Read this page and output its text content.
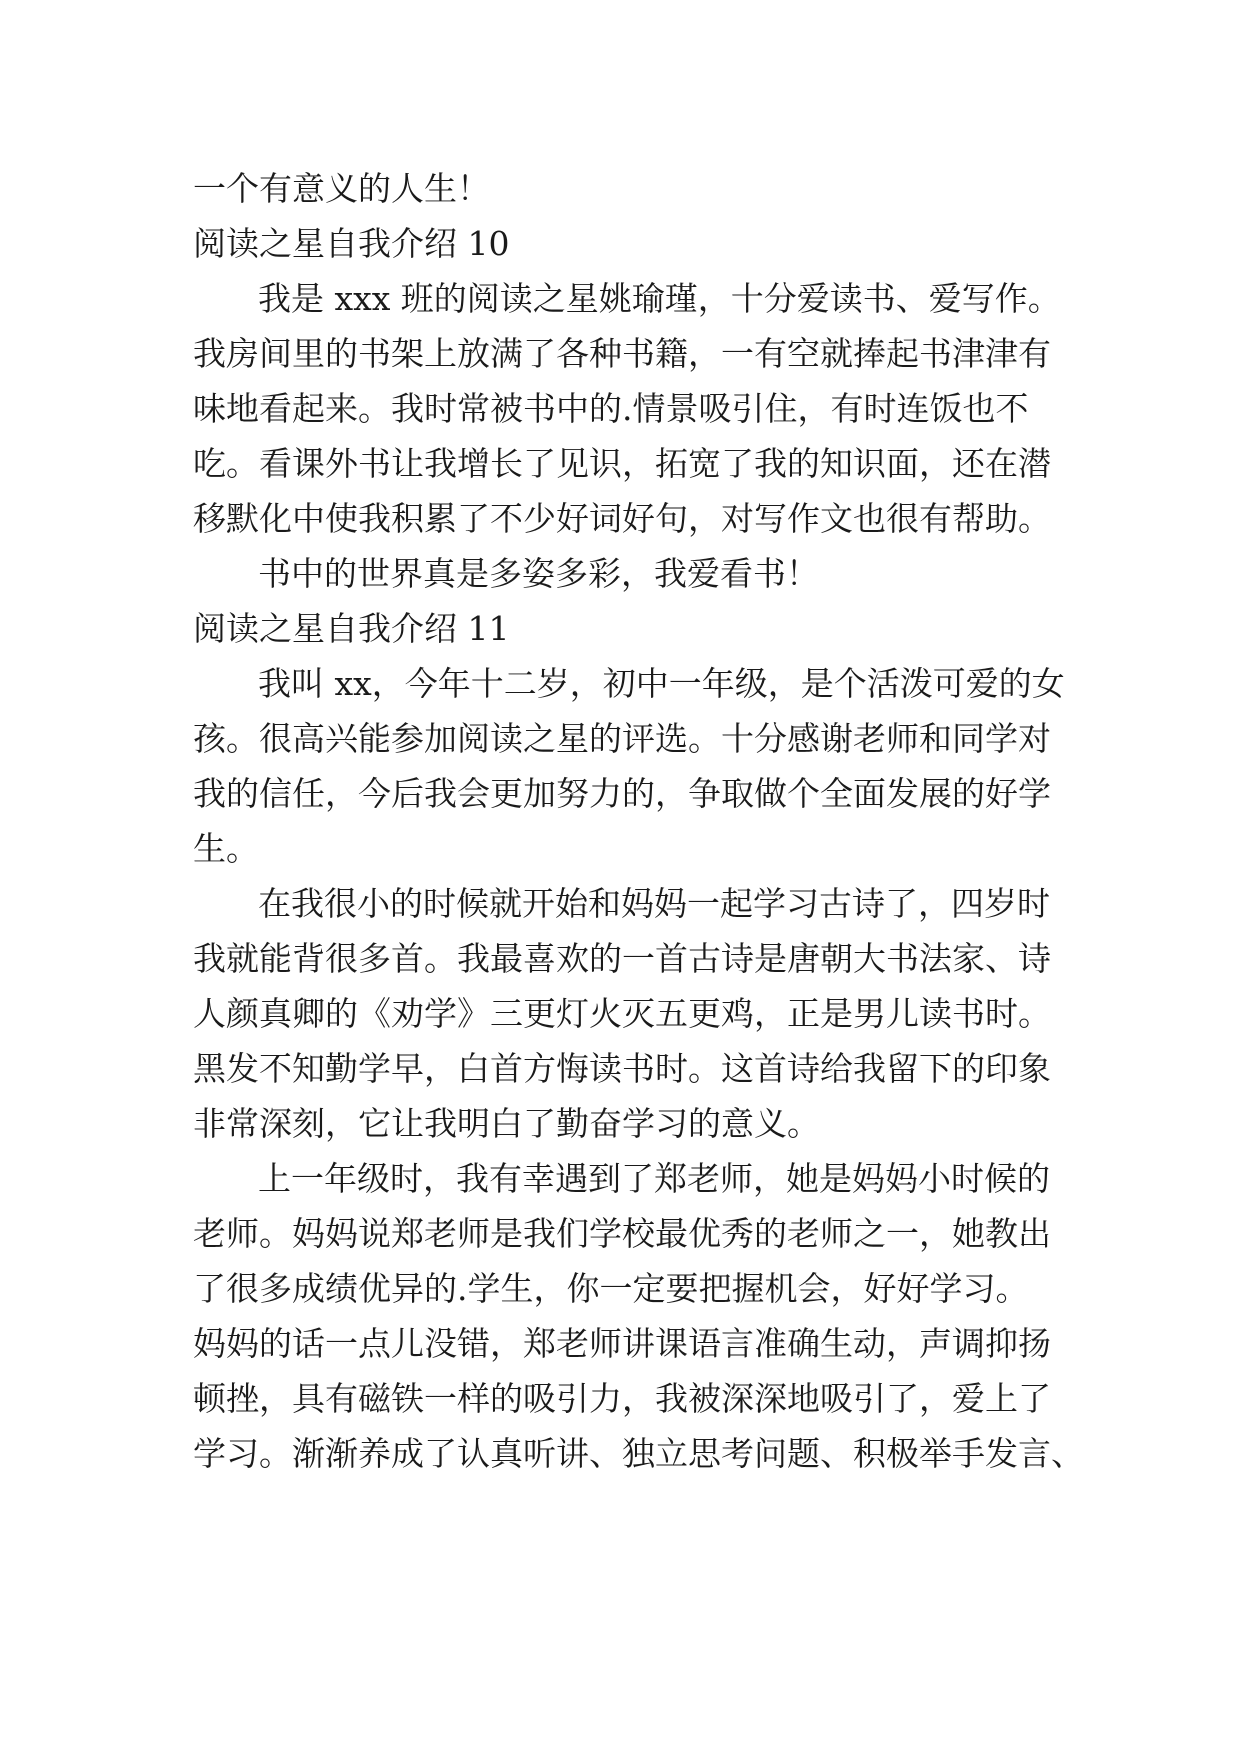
一个有意义的人生！
阅读之星自我介绍 10
我是 xxx 班的阅读之星姚瑜瑾，十分爱读书、爱写作。
我房间里的书架上放满了各种书籍，一有空就捧起书津津有
味地看起来。我时常被书中的.情景吸引住，有时连饭也不
吃。看课外书让我增长了见识，拓宽了我的知识面，还在潜
移默化中使我积累了不少好词好句，对写作文也很有帮助。
书中的世界真是多姿多彩，我爱看书！
阅读之星自我介绍 11
我叫 xx，今年十二岁，初中一年级，是个活泼可爱的女
孩。很高兴能参加阅读之星的评选。十分感谢老师和同学对
我的信任，今后我会更加努力的，争取做个全面发展的好学
生。
在我很小的时候就开始和妈妈一起学习古诗了，四岁时
我就能背很多首。我最喜欢的一首古诗是唐朝大书法家、诗
人颜真卿的《劝学》三更灯火灭五更鸡，正是男儿读书时。
黑发不知勤学早，白首方悔读书时。这首诗给我留下的印象
非常深刻，它让我明白了勤奋学习的意义。
上一年级时，我有幸遇到了郑老师，她是妈妈小时候的
老师。妈妈说郑老师是我们学校最优秀的老师之一，她教出
了很多成绩优异的.学生，你一定要把握机会，好好学习。
妈妈的话一点儿没错，郑老师讲课语言准确生动，声调抑扬
顿挫，具有磁铁一样的吸引力，我被深深地吸引了，爱上了
学习。渐渐养成了认真听讲、独立思考问题、积极举手发言、
